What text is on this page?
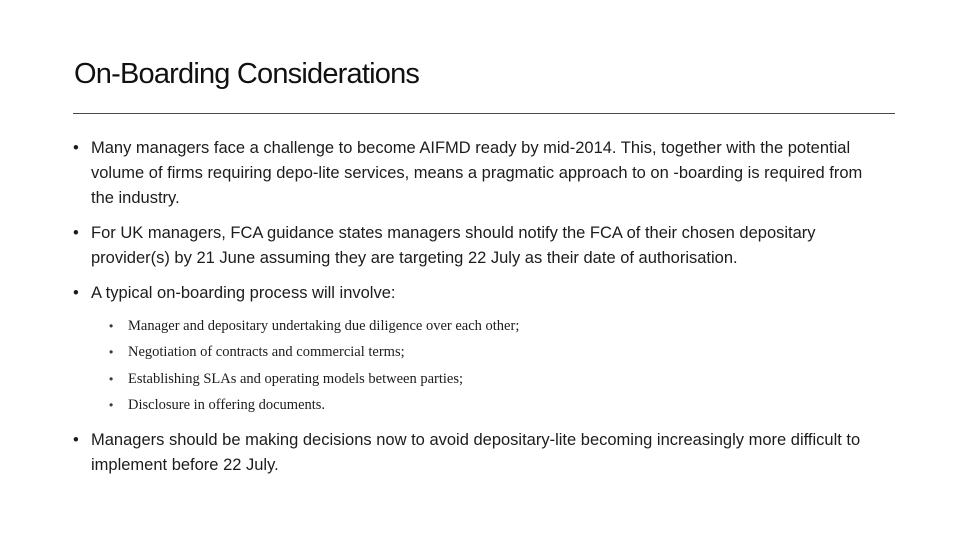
On-Boarding Considerations
• Many managers face a challenge to become AIFMD ready by mid-2014. This, together with the potential volume of firms requiring depo-lite services, means a pragmatic approach to on -boarding is required from the industry.
• For UK managers, FCA guidance states managers should notify the FCA of their chosen depositary provider(s) by 21 June assuming they are targeting 22 July as their date of authorisation.
• A typical on-boarding process will involve:
• Manager and depositary undertaking due diligence over each other;
• Negotiation of contracts and commercial terms;
• Establishing SLAs and operating models between parties;
• Disclosure in offering documents.
• Managers should be making decisions now to avoid depositary-lite becoming increasingly more difficult to implement before 22 July.
